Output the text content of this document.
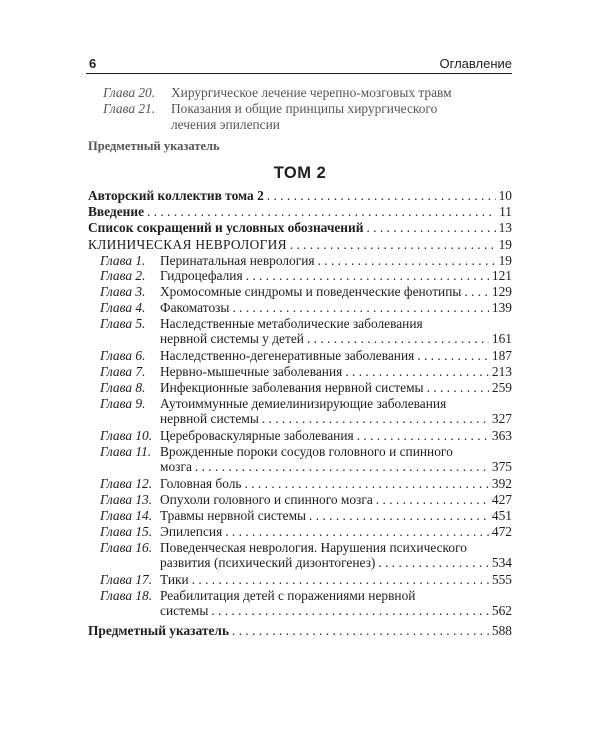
6	Оглавление
Глава 20. Хирургическое лечение черепно-мозговых травм
Глава 21. Показания и общие принципы хирургического
лечения эпилепсии
Предметный указатель
ТОМ 2
Авторский коллектив тома 2 . . .	10
Введение . . .	11
Список сокращений и условных обозначений . . .	13
КЛИНИЧЕСКАЯ НЕВРОЛОГИЯ . . .	19
Глава 1. Перинатальная неврология . . .	19
Глава 2. Гидроцефалия . . .	121
Глава 3. Хромосомные синдромы и поведенческие фенотипы . . . 129
Глава 4. Факоматозы . . .	139
Глава 5. Наследственные метаболические заболевания
нервной системы у детей . . .	161
Глава 6. Наследственно-дегенеративные заболевания . . .	187
Глава 7. Нервно-мышечные заболевания . . .	213
Глава 8. Инфекционные заболевания нервной системы . . .	259
Глава 9. Аутоиммунные демиелинизирующие заболевания
нервной системы . . .	327
Глава 10. Цереброваскулярные заболевания . . .	363
Глава 11. Врожденные пороки сосудов головного и спинного
мозга . . .	375
Глава 12. Головная боль . . .	392
Глава 13. Опухоли головного и спинного мозга . . .	427
Глава 14. Травмы нервной системы . . .	451
Глава 15. Эпилепсия . . .	472
Глава 16. Поведенческая неврология. Нарушения психического
развития (психический дизонтогенез) . . .	534
Глава 17. Тики . . .	555
Глава 18. Реабилитация детей с поражениями нервной
системы . . .	562
Предметный указатель . . .	588
